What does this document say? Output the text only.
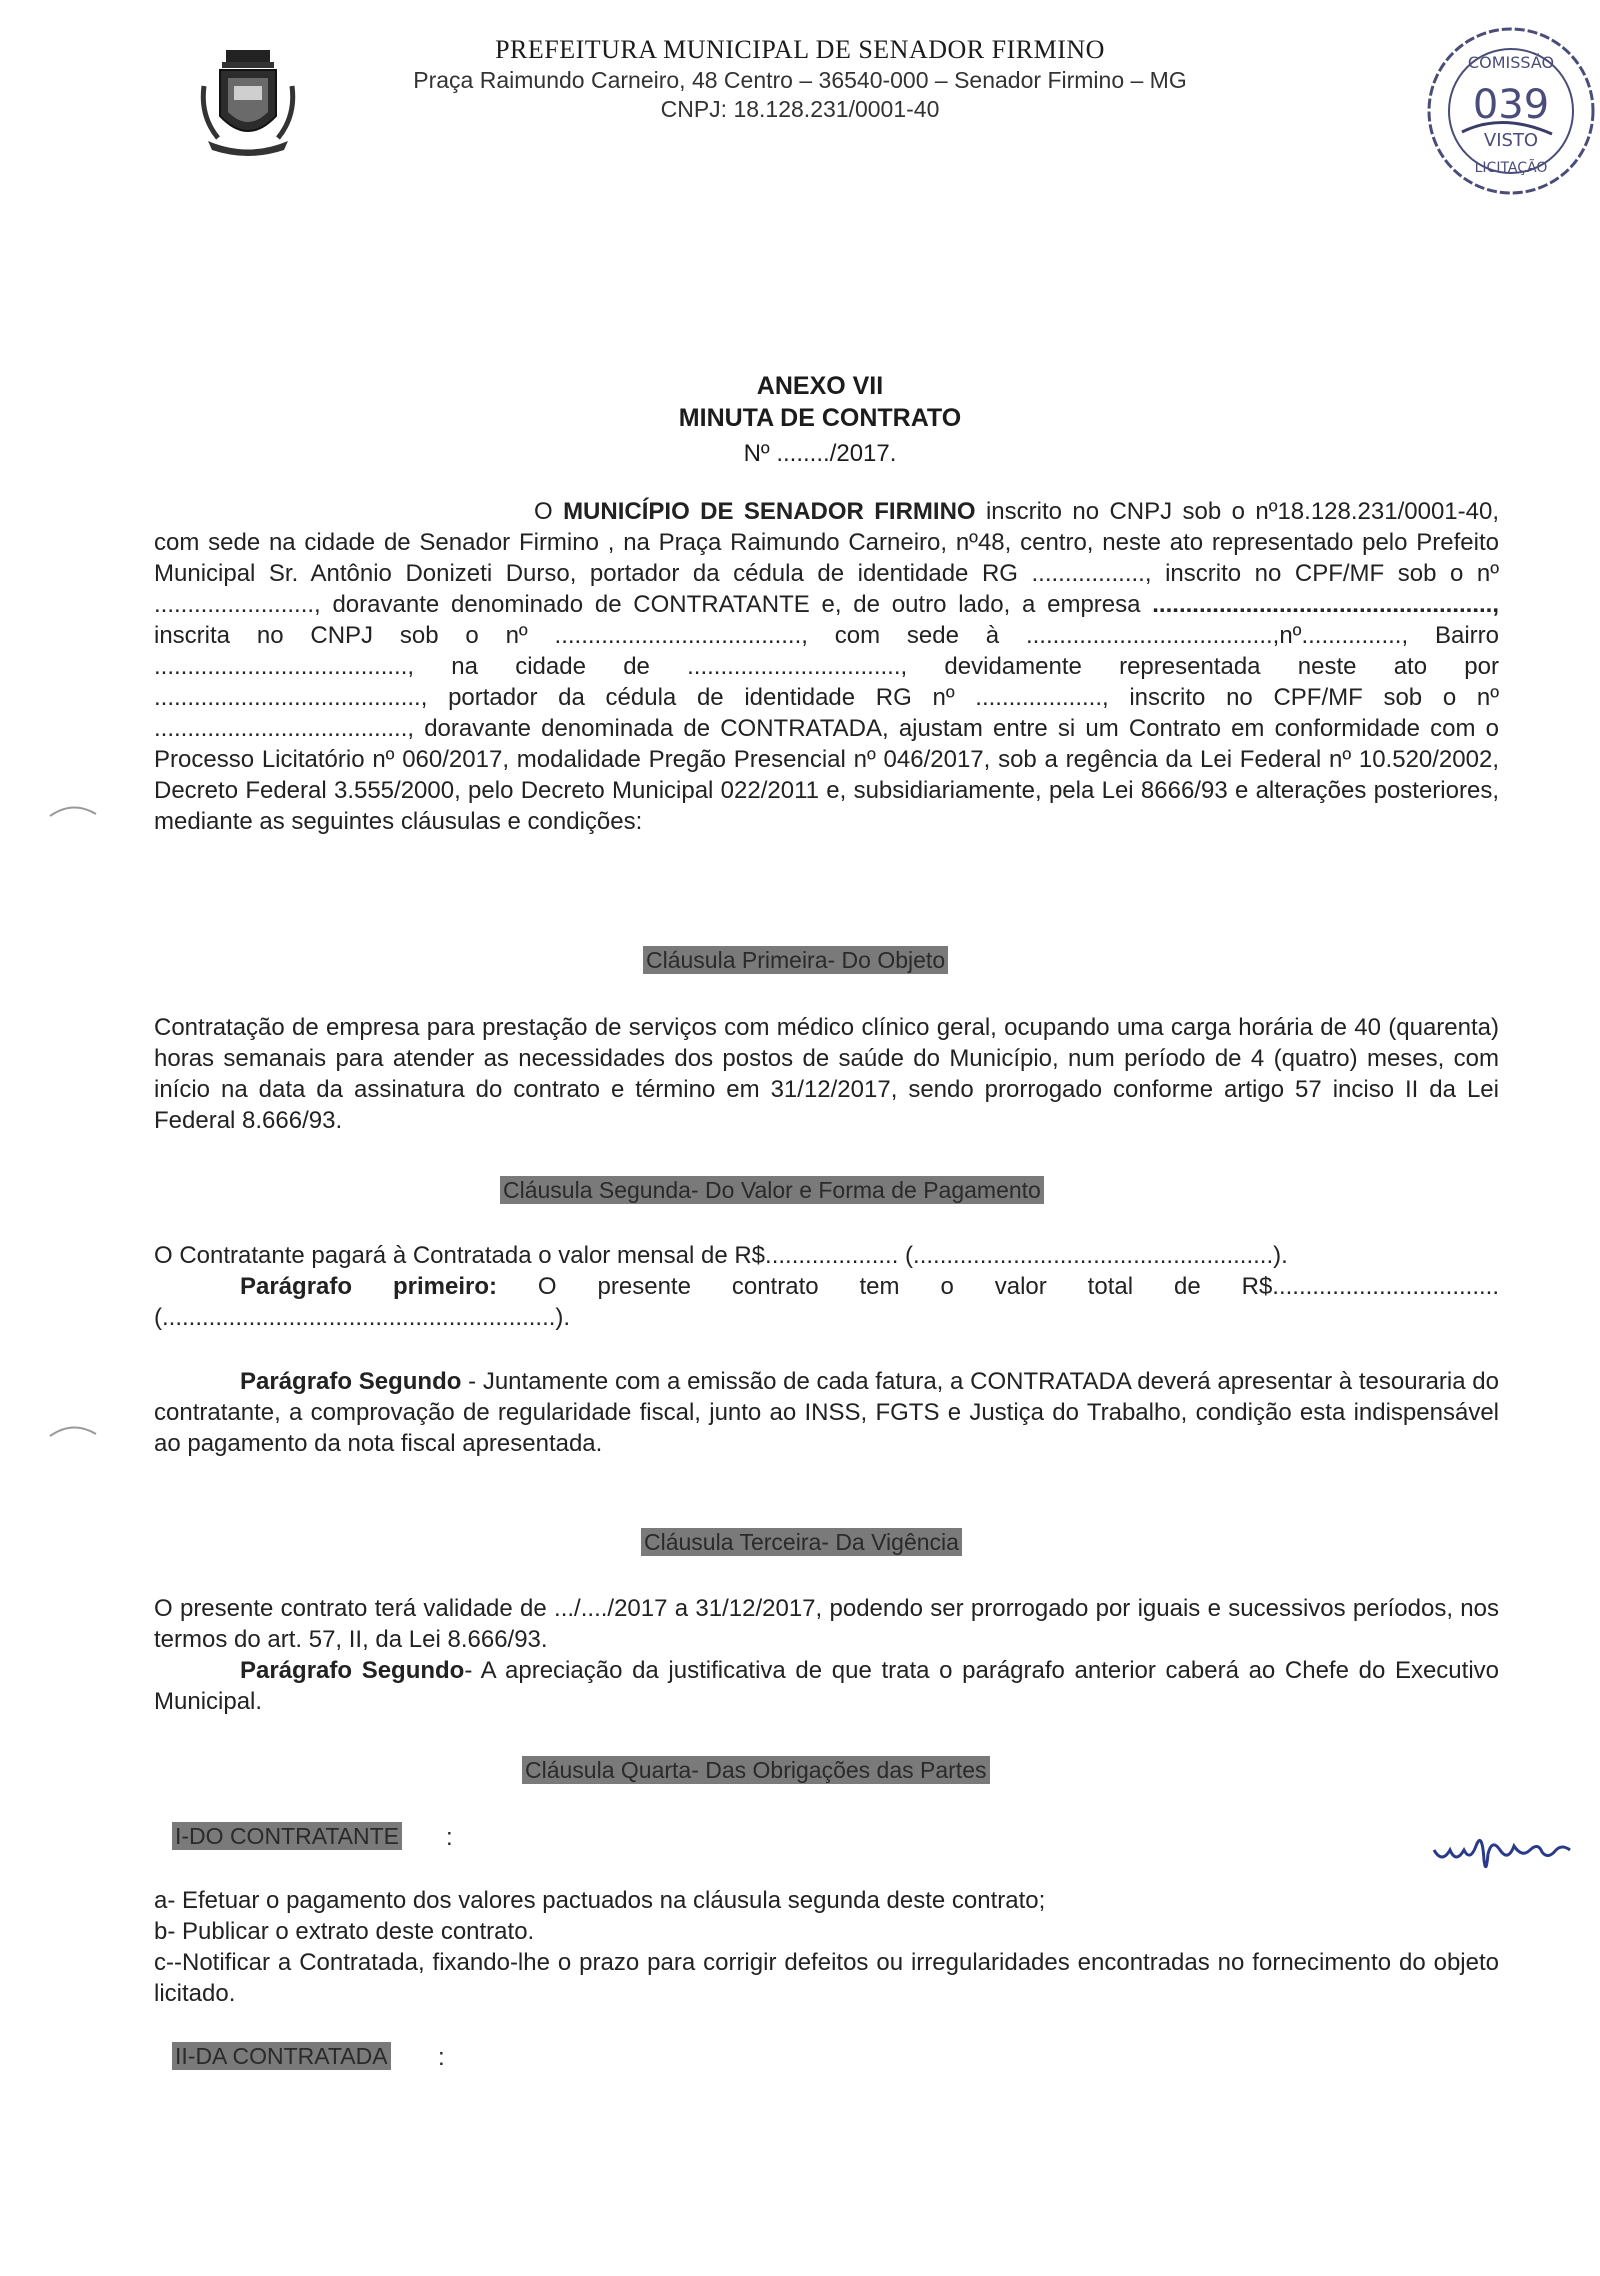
PREFEITURA MUNICIPAL DE SENADOR FIRMINO
Praça Raimundo Carneiro, 48 Centro – 36540-000 – Senador Firmino – MG
CNPJ: 18.128.231/0001-40
COMISSÃO
039
VISTO
LICITAÇÃO
ANEXO VII
MINUTA DE CONTRATO
Nº ......../2017.
O MUNICÍPIO DE SENADOR FIRMINO inscrito no CNPJ sob o nº18.128.231/0001-40, com sede na cidade de Senador Firmino , na Praça Raimundo Carneiro, nº48, centro, neste ato representado pelo Prefeito Municipal Sr. Antônio Donizeti Durso, portador da cédula de identidade RG ................., inscrito no CPF/MF sob o nº ........................, doravante denominado de CONTRATANTE e, de outro lado, a empresa ..................................................., inscrita no CNPJ sob o nº ....................................., com sede à .....................................,nº..............., Bairro ......................................, na cidade de ................................, devidamente representada neste ato por ........................................, portador da cédula de identidade RG nº ..................., inscrito no CPF/MF sob o nº ......................................, doravante denominada de CONTRATADA, ajustam entre si um Contrato em conformidade com o Processo Licitatório nº 060/2017, modalidade Pregão Presencial nº 046/2017, sob a regência da Lei Federal nº 10.520/2002, Decreto Federal 3.555/2000, pelo Decreto Municipal 022/2011 e, subsidiariamente, pela Lei 8666/93 e alterações posteriores, mediante as seguintes cláusulas e condições:
Cláusula Primeira- Do Objeto
Contratação de empresa para prestação de serviços com médico clínico geral, ocupando uma carga horária de 40 (quarenta) horas semanais para atender as necessidades dos postos de saúde do Município, num período de 4 (quatro) meses, com início na data da assinatura do contrato e término em 31/12/2017, sendo prorrogado conforme artigo 57 inciso II da Lei Federal 8.666/93.
Cláusula Segunda- Do Valor e Forma de Pagamento
O Contratante pagará à Contratada o valor mensal de R$.................... (......................................................).
Parágrafo primeiro: O presente contrato tem o valor total de R$.................................. (...........................................................).
Parágrafo Segundo - Juntamente com a emissão de cada fatura, a CONTRATADA deverá apresentar à tesouraria do contratante, a comprovação de regularidade fiscal, junto ao INSS, FGTS e Justiça do Trabalho, condição esta indispensável ao pagamento da nota fiscal apresentada.
Cláusula Terceira- Da Vigência
O presente contrato terá validade de .../..../2017 a 31/12/2017, podendo ser prorrogado por iguais e sucessivos períodos, nos termos do art. 57, II, da Lei 8.666/93.
Parágrafo Segundo- A apreciação da justificativa de que trata o parágrafo anterior caberá ao Chefe do Executivo Municipal.
Cláusula Quarta- Das Obrigações das Partes
I-DO CONTRATANTE :
a- Efetuar o pagamento dos valores pactuados na cláusula segunda deste contrato;
b- Publicar o extrato deste contrato.
c--Notificar a Contratada, fixando-lhe o prazo para corrigir defeitos ou irregularidades encontradas no fornecimento do objeto licitado.
II-DA CONTRATADA :
